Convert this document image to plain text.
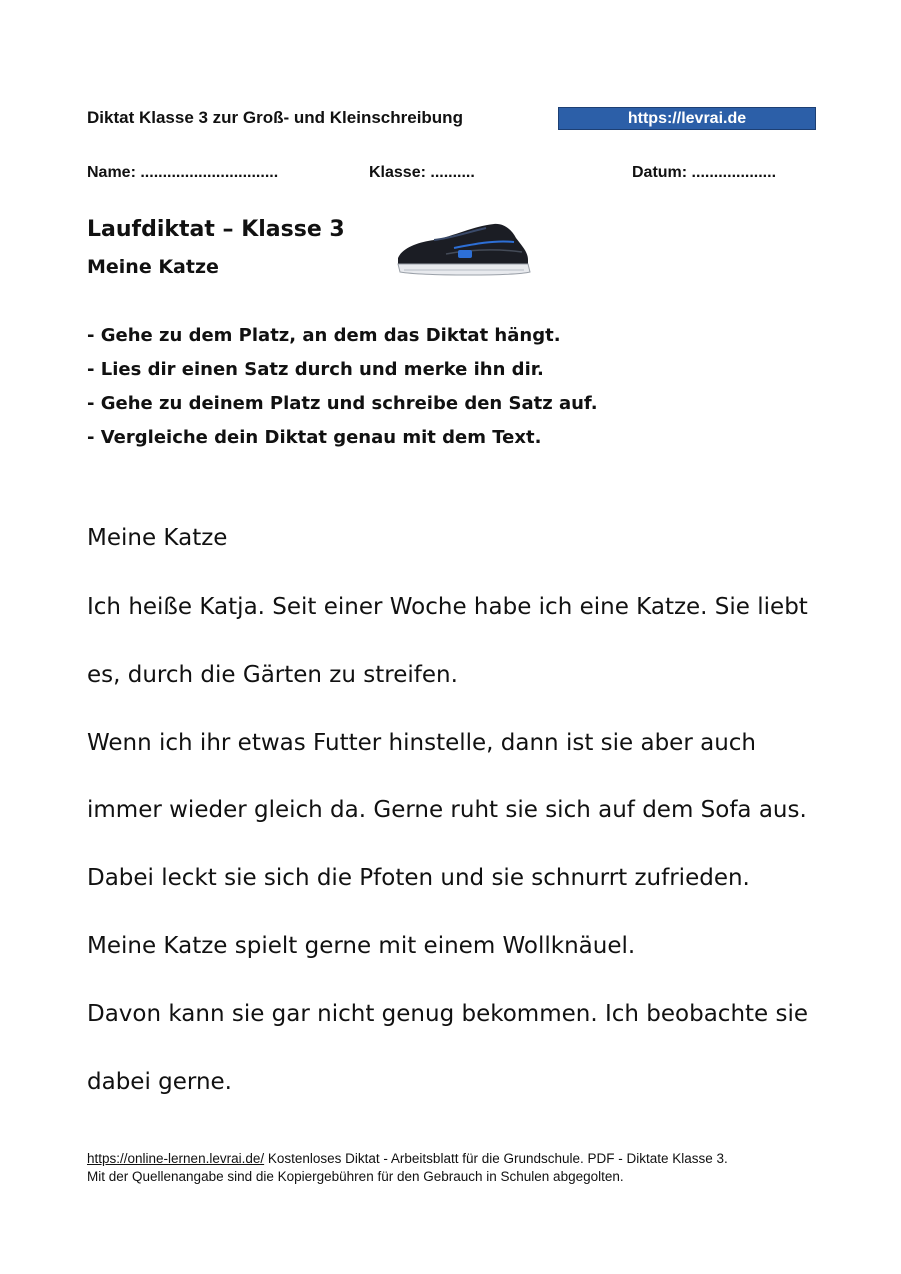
Diktat Klasse 3 zur Groß- und Kleinschreibung	https://levrai.de
Name: ...............................	Klasse: ..........	Datum: ...................
Laufdiktat – Klasse 3
Meine Katze
- Gehe zu dem Platz, an dem das Diktat hängt.
- Lies dir einen Satz durch und merke ihn dir.
- Gehe zu deinem Platz und schreibe den Satz auf.
- Vergleiche dein Diktat genau mit dem Text.
Meine Katze
Ich heiße Katja. Seit einer Woche habe ich eine Katze. Sie liebt
es, durch die Gärten zu streifen.
Wenn ich ihr etwas Futter hinstelle, dann ist sie aber auch
immer wieder gleich da. Gerne ruht sie sich auf dem Sofa aus.
Dabei leckt sie sich die Pfoten und sie schnurrt zufrieden.
Meine Katze spielt gerne mit einem Wollknäuel.
Davon kann sie gar nicht genug bekommen. Ich beobachte sie
dabei gerne.
https://online-lernen.levrai.de/ Kostenloses Diktat - Arbeitsblatt für die Grundschule. PDF - Diktate Klasse 3.
Mit der Quellenangabe sind die Kopiergebühren für den Gebrauch in Schulen abgegolten.
